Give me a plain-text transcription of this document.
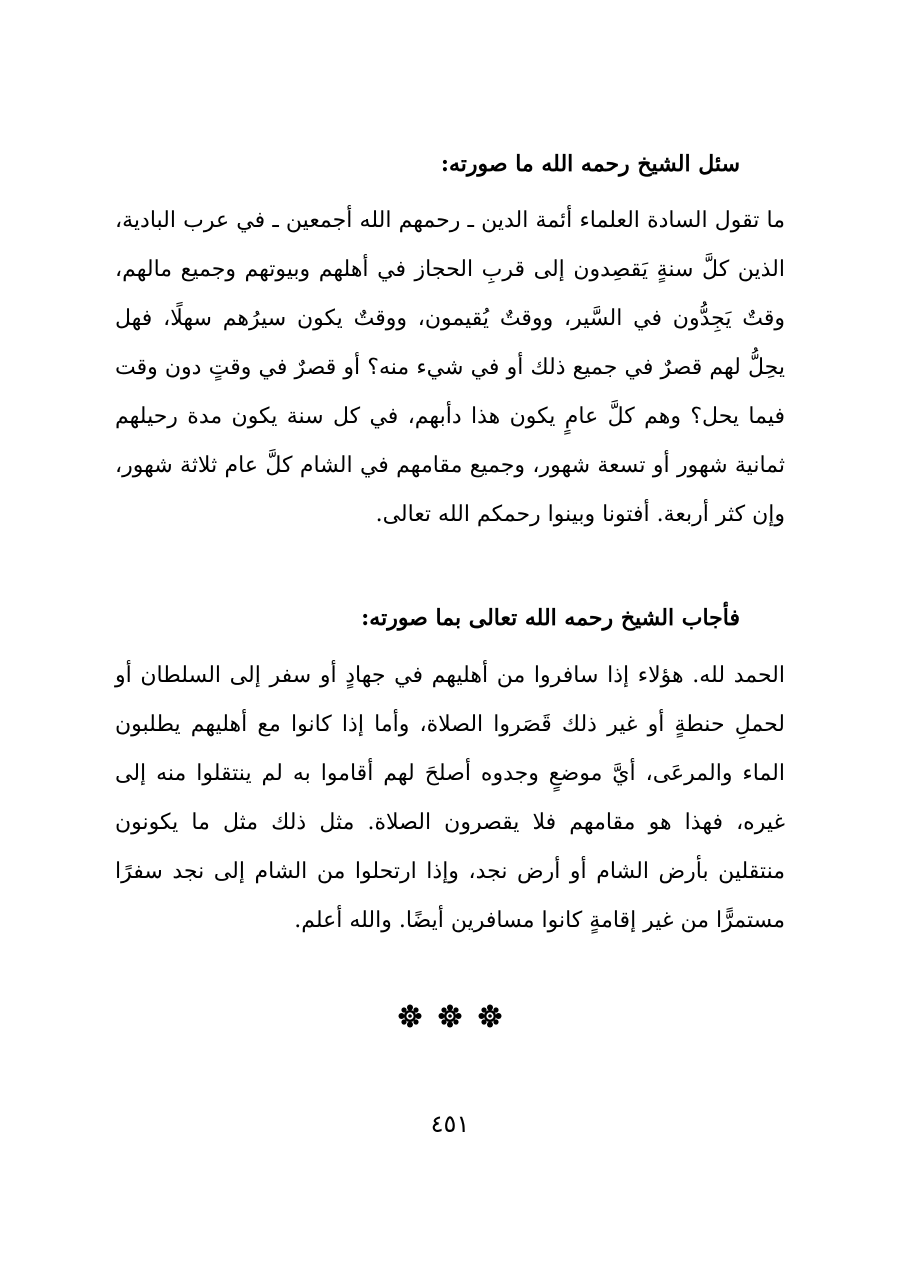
سئل الشيخ رحمه الله ما صورته:
ما تقول السادة العلماء أئمة الدين ـ رحمهم الله أجمعين ـ في عرب البادية، الذين كلَّ سنةٍ يَقصِدون إلى قربِ الحجاز في أهلهم وبيوتهم وجميع مالهم، وقتٌ يَجِدُّون في السَّير، ووقتٌ يُقيمون، ووقتٌ يكون سيرُهم سهلًا، فهل يحِلُّ لهم قصرٌ في جميع ذلك أو في شيء منه؟ أو قصرٌ في وقتٍ دون وقت فيما يحل؟ وهم كلَّ عامٍ يكون هذا دأبهم، في كل سنة يكون مدة رحيلهم ثمانية شهور أو تسعة شهور، وجميع مقامهم في الشام كلَّ عام ثلاثة شهور، وإن كثر أربعة. أفتونا وبينوا رحمكم الله تعالى.
فأجاب الشيخ رحمه الله تعالى بما صورته:
الحمد لله. هؤلاء إذا سافروا من أهليهم في جهادٍ أو سفر إلى السلطان أو لحملِ حنطةٍ أو غير ذلك قَصَروا الصلاة، وأما إذا كانوا مع أهليهم يطلبون الماء والمرعَى، أيَّ موضعٍ وجدوه أصلحَ لهم أقاموا به لم ينتقلوا منه إلى غيره، فهذا هو مقامهم فلا يقصرون الصلاة. مثل ذلك مثل ما يكونون منتقلين بأرض الشام أو أرض نجد، وإذا ارتحلوا من الشام إلى نجد سفرًا مستمرًّا من غير إقامةٍ كانوا مسافرين أيضًا. والله أعلم.
٤٥١
